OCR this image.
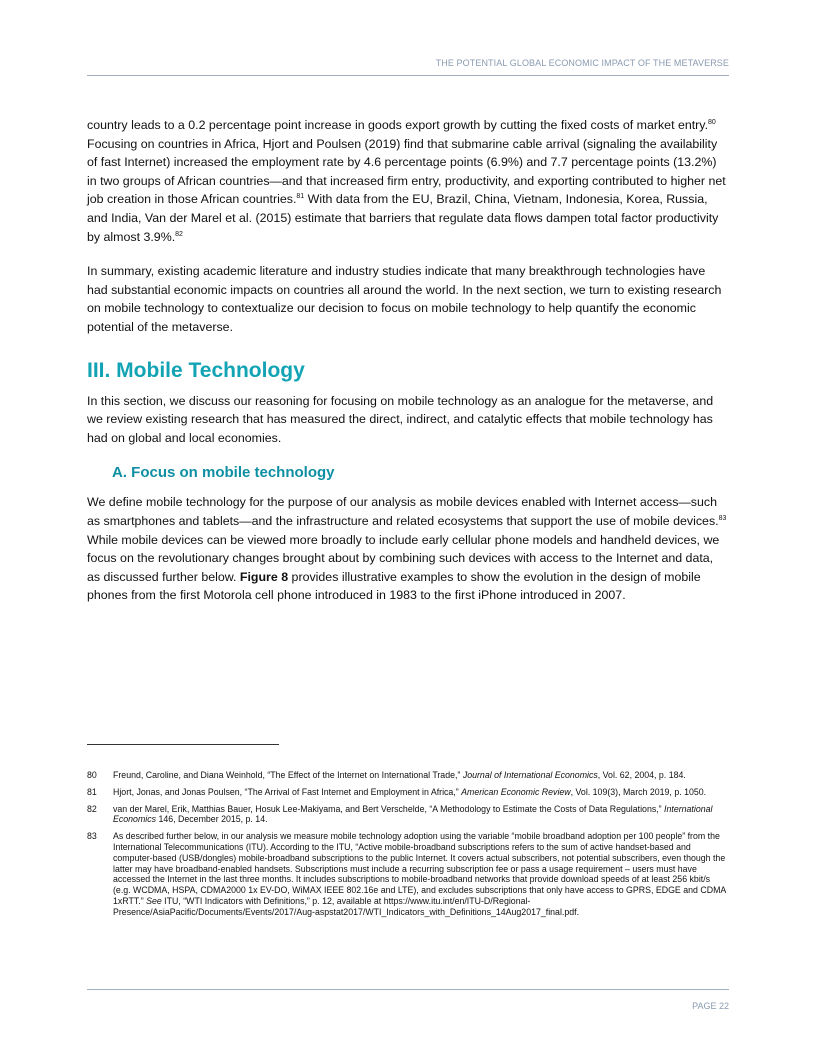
THE POTENTIAL GLOBAL ECONOMIC IMPACT OF THE METAVERSE

country leads to a 0.2 percentage point increase in goods export growth by cutting the fixed costs of market entry.$^{80}$ Focusing on countries in Africa, Hjort and Poulsen (2019) find that submarine cable arrival (signaling the availability of fast Internet) increased the employment rate by 4.6 percentage points (6.9%) and 7.7 percentage points (13.2%) in two groups of African countries—and that increased firm entry, productivity, and exporting contributed to higher net job creation in those African countries.$^{81}$ With data from the EU, Brazil, China, Vietnam, Indonesia, Korea, Russia, and India, Van der Marel et al. (2015) estimate that barriers that regulate data flows dampen total factor productivity by almost 3.9%.$^{82}$

In summary, existing academic literature and industry studies indicate that many breakthrough technologies have had substantial economic impacts on countries all around the world. In the next section, we turn to existing research on mobile technology to contextualize our decision to focus on mobile technology to help quantify the economic potential of the metaverse.

III. Mobile Technology

In this section, we discuss our reasoning for focusing on mobile technology as an analogue for the metaverse, and we review existing research that has measured the direct, indirect, and catalytic effects that mobile technology has had on global and local economies.

A. Focus on mobile technology

We define mobile technology for the purpose of our analysis as mobile devices enabled with Internet access—such as smartphones and tablets—and the infrastructure and related ecosystems that support the use of mobile devices.$^{83}$ While mobile devices can be viewed more broadly to include early cellular phone models and handheld devices, we focus on the revolutionary changes brought about by combining such devices with access to the Internet and data, as discussed further below. Figure 8 provides illustrative examples to show the evolution in the design of mobile phones from the first Motorola cell phone introduced in 1983 to the first iPhone introduced in 2007.

80	Freund, Caroline, and Diana Weinhold, “The Effect of the Internet on International Trade,” Journal of International Economics, Vol. 62, 2004, p. 184.
81	Hjort, Jonas, and Jonas Poulsen, “The Arrival of Fast Internet and Employment in Africa,” American Economic Review, Vol. 109(3), March 2019, p. 1050.
82	van der Marel, Erik, Matthias Bauer, Hosuk Lee-Makiyama, and Bert Verschelde, “A Methodology to Estimate the Costs of Data Regulations,” International Economics 146, December 2015, p. 14.
83	As described further below, in our analysis we measure mobile technology adoption using the variable “mobile broadband adoption per 100 people” from the International Telecommunications (ITU). According to the ITU, “Active mobile-broadband subscriptions refers to the sum of active handset-based and computer-based (USB/dongles) mobile-broadband subscriptions to the public Internet. It covers actual subscribers, not potential subscribers, even though the latter may have broadband-enabled handsets. Subscriptions must include a recurring subscription fee or pass a usage requirement – users must have accessed the Internet in the last three months. It includes subscriptions to mobile-broadband networks that provide download speeds of at least 256 kbit/s (e.g. WCDMA, HSPA, CDMA2000 1x EV-DO, WiMAX IEEE 802.16e and LTE), and excludes subscriptions that only have access to GPRS, EDGE and CDMA 1xRTT.” See ITU, “WTI Indicators with Definitions,” p. 12, available at https://www.itu.int/en/ITU-D/Regional-Presence/AsiaPacific/Documents/Events/2017/Aug-aspstat2017/WTI_Indicators_with_Definitions_14Aug2017_final.pdf.
PAGE 22
